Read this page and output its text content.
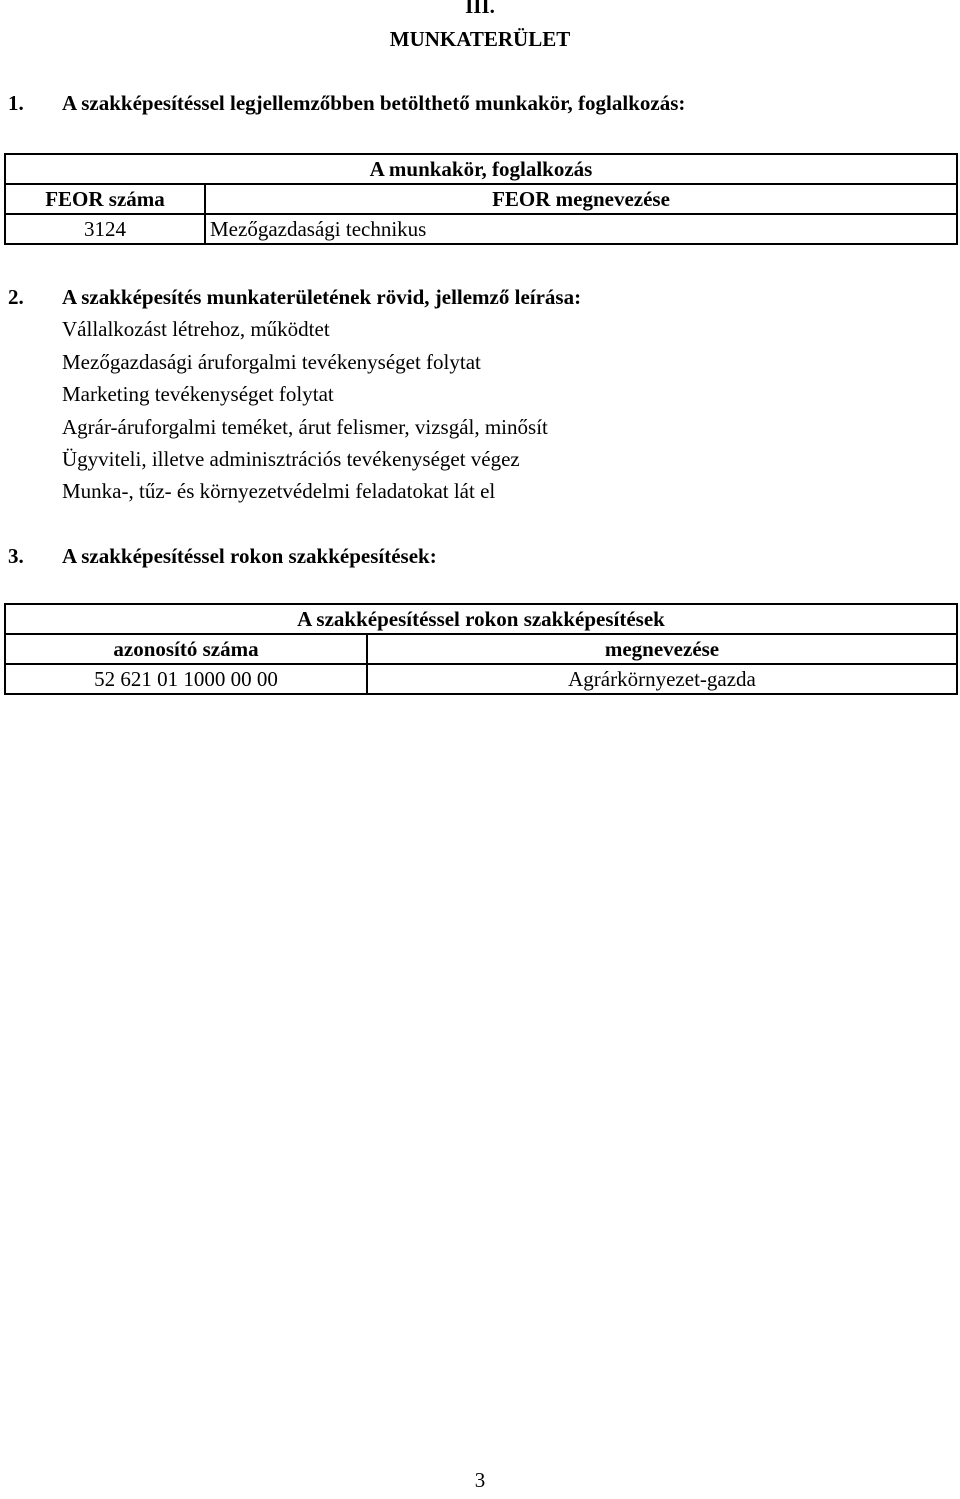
III.
MUNKATERÜLET
1. A szakképesítéssel legjellemzőbben betölthető munkakör, foglalkozás:
A munkakör, foglalkozás	
FEOR száma	FEOR megnevezése
3124	Mezőgazdasági technikus
2. A szakképesítés munkaterületének rövid, jellemző leírása:
Vállalkozást létrehoz, működtet
Mezőgazdasági áruforgalmi tevékenységet folytat
Marketing tevékenységet folytat
Agrár-áruforgalmi teméket, árut felismer, vizsgál, minősít
Ügyviteli, illetve adminisztrációs tevékenységet végez
Munka-, tűz- és környezetvédelmi feladatokat lát el
3. A szakképesítéssel rokon szakképesítések:
A szakképesítéssel rokon szakképesítések	
azonosító száma	megnevezése
52 621 01 1000 00 00	Agrárkörnyezet-gazda
3
